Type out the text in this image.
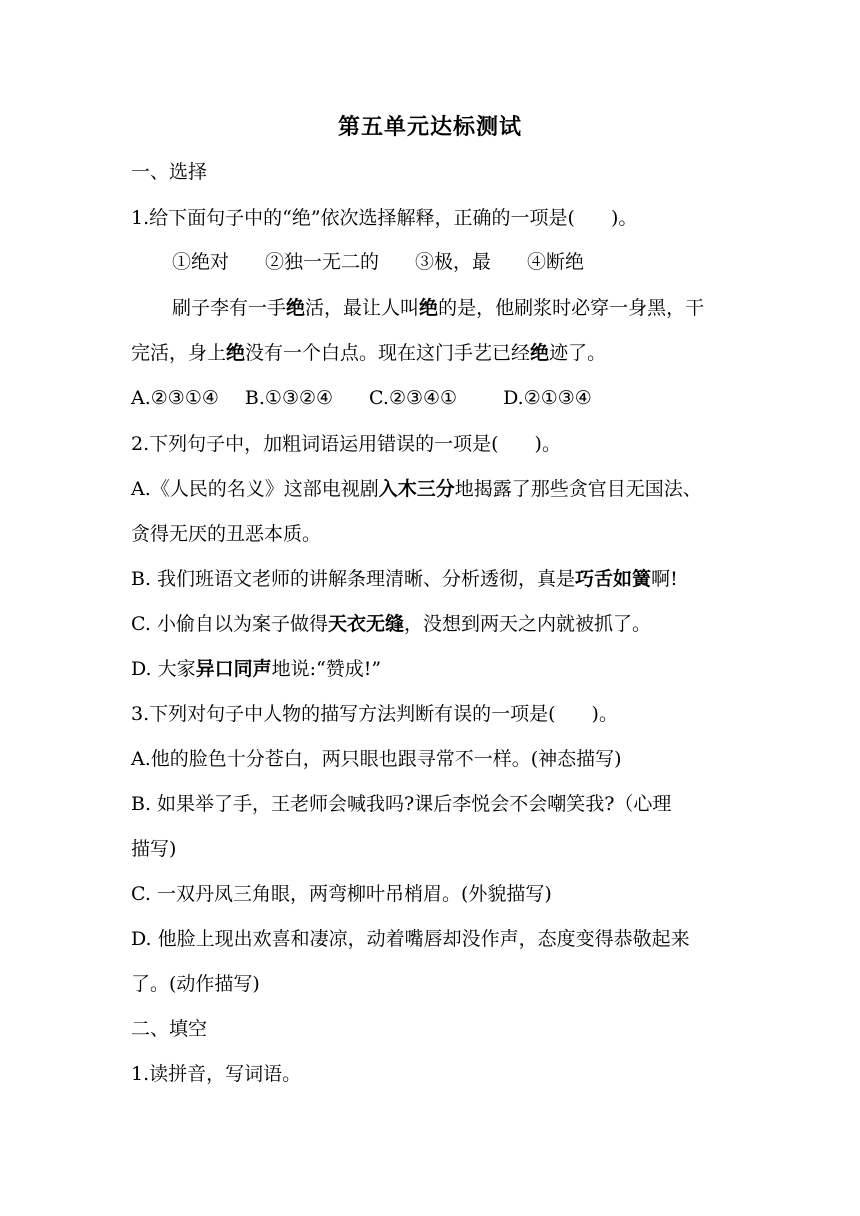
第五单元达标测试
一、选择
1.给下面句子中的“绝”依次选择解释，正确的一项是( )。
①绝对 ②独一无二的 ③极，最 ④断绝
刷子李有一手绝活，最让人叫绝的是，他刷浆时必穿一身黑，干
完活，身上绝没有一个白点。现在这门手艺已经绝迹了。
A.②③①④ B.①③②④ C.②③④① D.②①③④
2.下列句子中，加粗词语运用错误的一项是( )。
A.《人民的名义》这部电视剧入木三分地揭露了那些贪官目无国法、
贪得无厌的丑恶本质。
B. 我们班语文老师的讲解条理清晰、分析透彻，真是巧舌如簧啊!
C. 小偷自以为案子做得天衣无缝，没想到两天之内就被抓了。
D. 大家异口同声地说:“赞成!”
3.下列对句子中人物的描写方法判断有误的一项是( )。
A.他的脸色十分苍白，两只眼也跟寻常不一样。(神态描写)
B. 如果举了手，王老师会喊我吗?课后李悦会不会嘲笑我?（心理
描写)
C. 一双丹凤三角眼，两弯柳叶吊梢眉。(外貌描写)
D. 他脸上现出欢喜和凄凉，动着嘴唇却没作声，态度变得恭敬起来
了。(动作描写)
二、填空
1.读拼音，写词语。
